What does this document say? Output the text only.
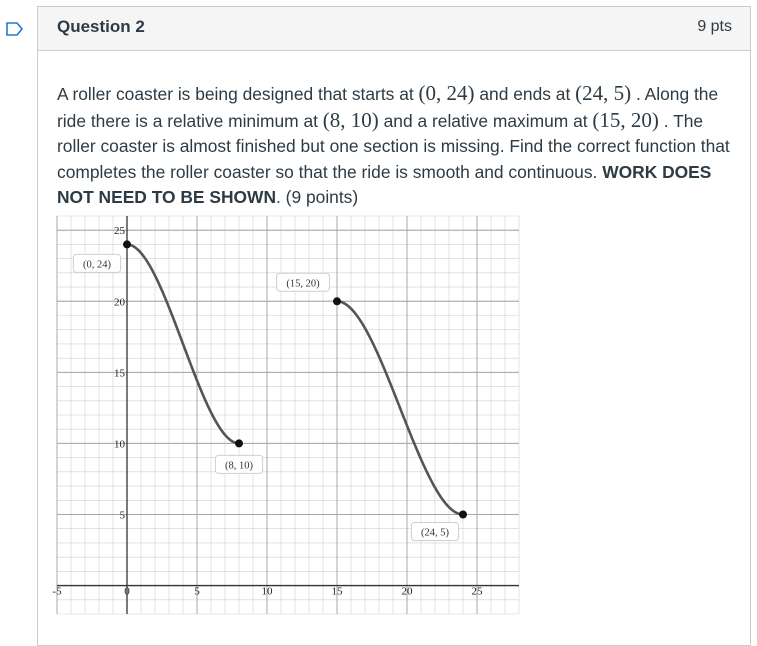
Question 2	9 pts
A roller coaster is being designed that starts at (0, 24) and ends at (24, 5) . Along the ride there is a relative minimum at (8, 10) and a relative maximum at (15, 20) . The roller coaster is almost finished but one section is missing. Find the correct function that completes the roller coaster so that the ride is smooth and continuous. WORK DOES NOT NEED TO BE SHOWN. (9 points)
-5	0	5	10	15	20	25
5
10
15
20
25
(0, 24)
(8, 10)
(15, 20)
(24, 5)
